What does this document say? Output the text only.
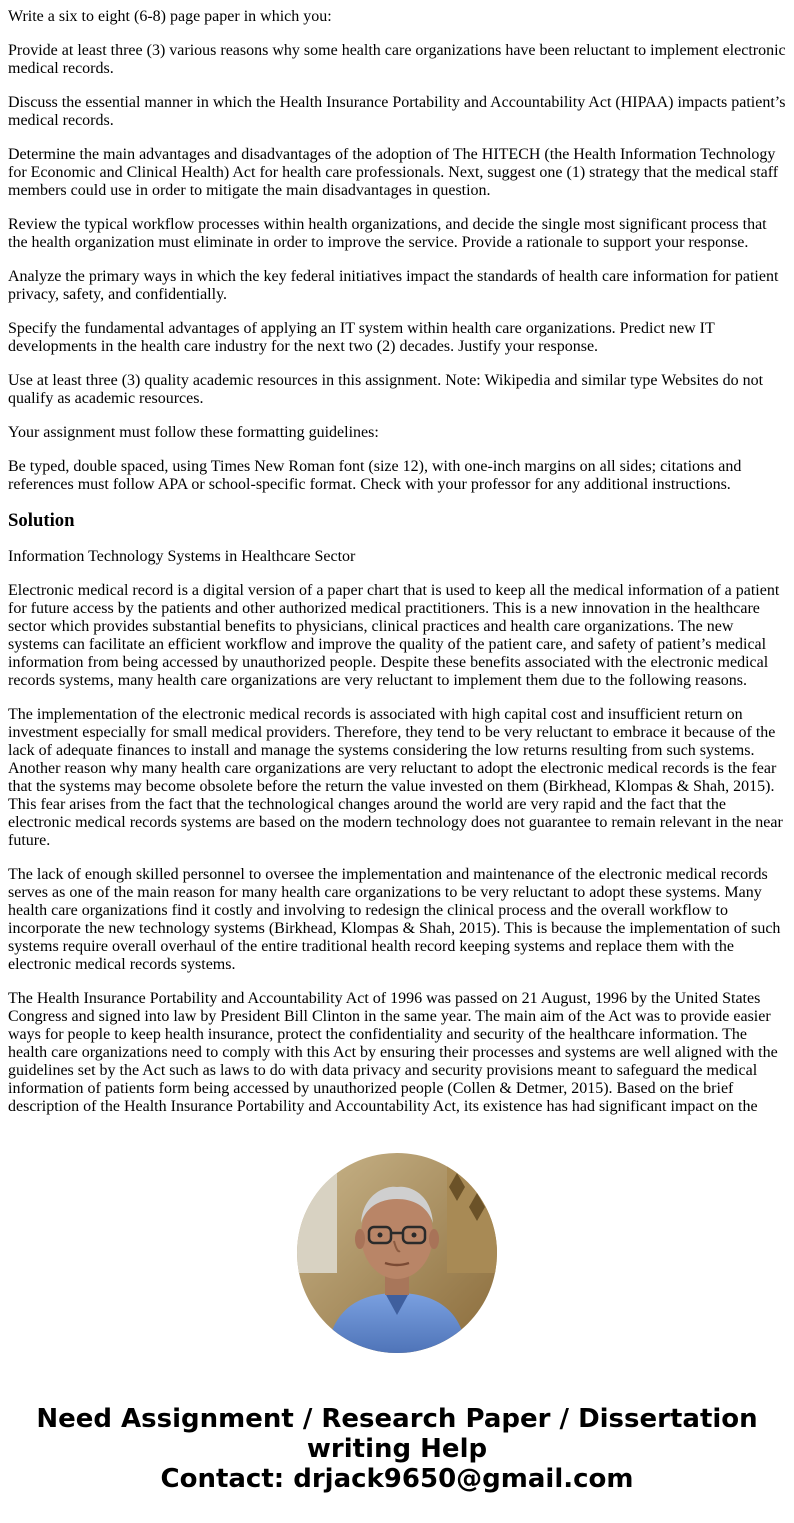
Write a six to eight (6-8) page paper in which you:

Provide at least three (3) various reasons why some health care organizations have been reluctant to implement electronic medical records.

Discuss the essential manner in which the Health Insurance Portability and Accountability Act (HIPAA) impacts patient’s medical records.

Determine the main advantages and disadvantages of the adoption of The HITECH (the Health Information Technology for Economic and Clinical Health) Act for health care professionals. Next, suggest one (1) strategy that the medical staff members could use in order to mitigate the main disadvantages in question.

Review the typical workflow processes within health organizations, and decide the single most significant process that the health organization must eliminate in order to improve the service. Provide a rationale to support your response.

Analyze the primary ways in which the key federal initiatives impact the standards of health care information for patient privacy, safety, and confidentially.

Specify the fundamental advantages of applying an IT system within health care organizations. Predict new IT developments in the health care industry for the next two (2) decades. Justify your response.

Use at least three (3) quality academic resources in this assignment. Note: Wikipedia and similar type Websites do not qualify as academic resources.

Your assignment must follow these formatting guidelines:

Be typed, double spaced, using Times New Roman font (size 12), with one-inch margins on all sides; citations and references must follow APA or school-specific format. Check with your professor for any additional instructions.

Solution

Information Technology Systems in Healthcare Sector

Electronic medical record is a digital version of a paper chart that is used to keep all the medical information of a patient for future access by the patients and other authorized medical practitioners. This is a new innovation in the healthcare sector which provides substantial benefits to physicians, clinical practices and health care organizations. The new systems can facilitate an efficient workflow and improve the quality of the patient care, and safety of patient’s medical information from being accessed by unauthorized people. Despite these benefits associated with the electronic medical records systems, many health care organizations are very reluctant to implement them due to the following reasons.

The implementation of the electronic medical records is associated with high capital cost and insufficient return on investment especially for small medical providers. Therefore, they tend to be very reluctant to embrace it because of the lack of adequate finances to install and manage the systems considering the low returns resulting from such systems. Another reason why many health care organizations are very reluctant to adopt the electronic medical records is the fear that the systems may become obsolete before the return the value invested on them (Birkhead, Klompas & Shah, 2015). This fear arises from the fact that the technological changes around the world are very rapid and the fact that the electronic medical records systems are based on the modern technology does not guarantee to remain relevant in the near future.

The lack of enough skilled personnel to oversee the implementation and maintenance of the electronic medical records serves as one of the main reason for many health care organizations to be very reluctant to adopt these systems. Many health care organizations find it costly and involving to redesign the clinical process and the overall workflow to incorporate the new technology systems (Birkhead, Klompas & Shah, 2015). This is because the implementation of such systems require overall overhaul of the entire traditional health record keeping systems and replace them with the electronic medical records systems.

The Health Insurance Portability and Accountability Act of 1996 was passed on 21 August, 1996 by the United States Congress and signed into law by President Bill Clinton in the same year. The main aim of the Act was to provide easier ways for people to keep health insurance, protect the confidentiality and security of the healthcare information. The health care organizations need to comply with this Act by ensuring their processes and systems are well aligned with the guidelines set by the Act such as laws to do with data privacy and security provisions meant to safeguard the medical information of patients form being accessed by unauthorized people (Collen & Detmer, 2015). Based on the brief description of the Health Insurance Portability and Accountability Act, its existence has had significant impact on the

Need Assignment / Research Paper / Dissertation
writing Help
Contact: drjack9650@gmail.com
